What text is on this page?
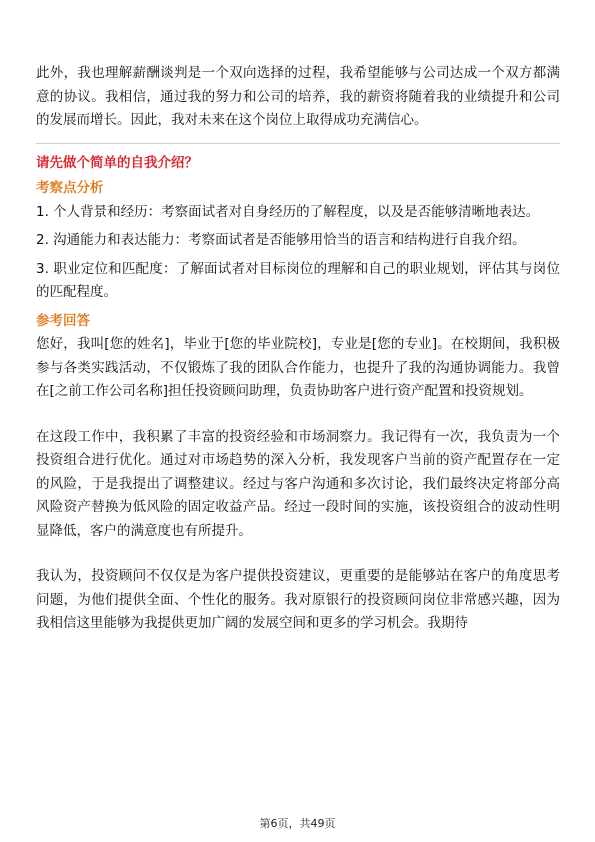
此外，我也理解薪酬谈判是一个双向选择的过程，我希望能够与公司达成一个双方都满意的协议。我相信，通过我的努力和公司的培养，我的薪资将随着我的业绩提升和公司的发展而增长。因此，我对未来在这个岗位上取得成功充满信心。

请先做个简单的自我介绍？
考察点分析

1. 个人背景和经历：考察面试者对自身经历的了解程度，以及是否能够清晰地表达。

2. 沟通能力和表达能力：考察面试者是否能够用恰当的语言和结构进行自我介绍。

3. 职业定位和匹配度：了解面试者对目标岗位的理解和自己的职业规划，评估其与岗位的匹配程度。

参考回答

您好，我叫[您的姓名]，毕业于[您的毕业院校]，专业是[您的专业]。在校期间，我积极参与各类实践活动，不仅锻炼了我的团队合作能力，也提升了我的沟通协调能力。我曾在[之前工作公司名称]担任投资顾问助理，负责协助客户进行资产配置和投资规划。

在这段工作中，我积累了丰富的投资经验和市场洞察力。我记得有一次，我负责为一个投资组合进行优化。通过对市场趋势的深入分析，我发现客户当前的资产配置存在一定的风险，于是我提出了调整建议。经过与客户沟通和多次讨论，我们最终决定将部分高风险资产替换为低风险的固定收益产品。经过一段时间的实施，该投资组合的波动性明显降低，客户的满意度也有所提升。

我认为，投资顾问不仅仅是为客户提供投资建议，更重要的是能够站在客户的角度思考问题，为他们提供全面、个性化的服务。我对原银行的投资顾问岗位非常感兴趣，因为我相信这里能够为我提供更加广阔的发展空间和更多的学习机会。我期待

第6页，共49页
